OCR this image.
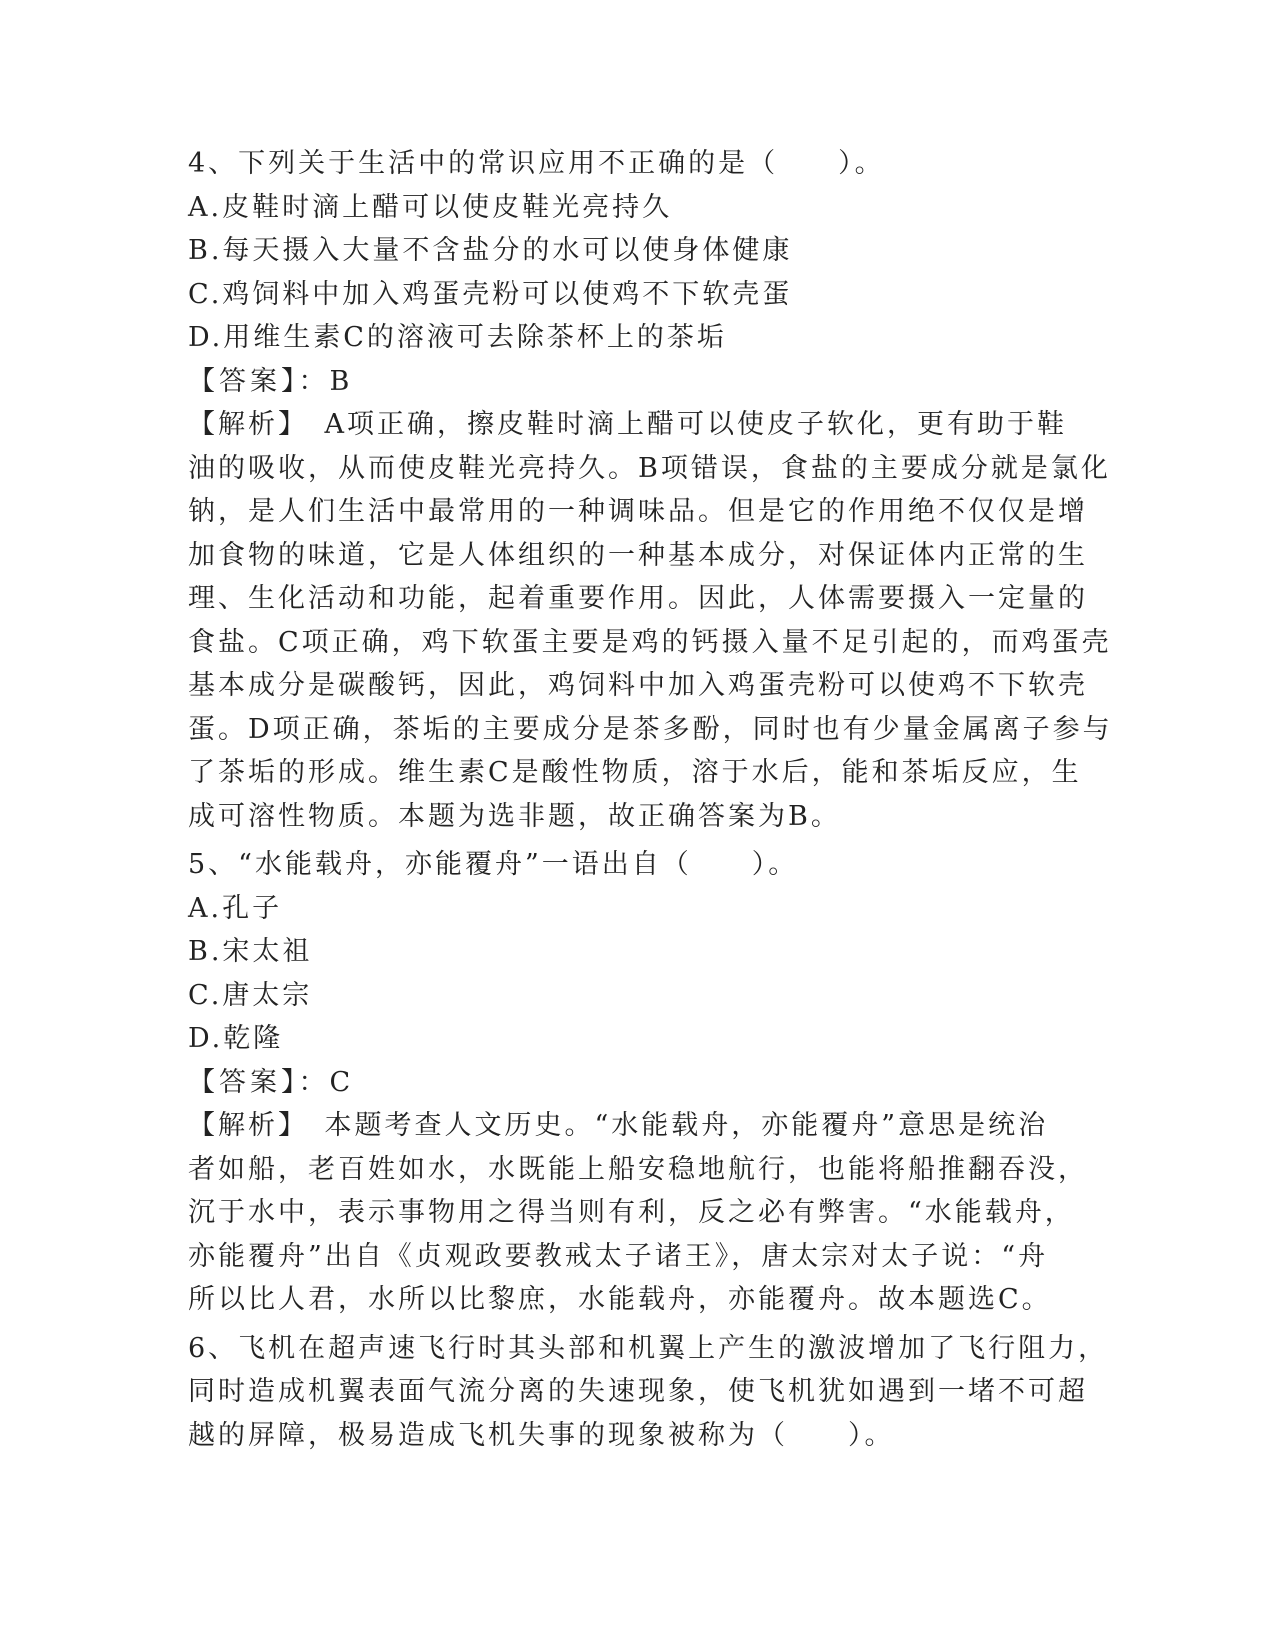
4、下列关于生活中的常识应用不正确的是（　　）。
A.皮鞋时滴上醋可以使皮鞋光亮持久
B.每天摄入大量不含盐分的水可以使身体健康
C.鸡饲料中加入鸡蛋壳粉可以使鸡不下软壳蛋
D.用维生素C的溶液可去除茶杯上的茶垢
【答案】：B
【解析】　A项正确，擦皮鞋时滴上醋可以使皮子软化，更有助于鞋
油的吸收，从而使皮鞋光亮持久。B项错误，食盐的主要成分就是氯化
钠，是人们生活中最常用的一种调味品。但是它的作用绝不仅仅是增
加食物的味道，它是人体组织的一种基本成分，对保证体内正常的生
理、生化活动和功能，起着重要作用。因此，人体需要摄入一定量的
食盐。C项正确，鸡下软蛋主要是鸡的钙摄入量不足引起的，而鸡蛋壳
基本成分是碳酸钙，因此，鸡饲料中加入鸡蛋壳粉可以使鸡不下软壳
蛋。D项正确，茶垢的主要成分是茶多酚，同时也有少量金属离子参与
了茶垢的形成。维生素C是酸性物质，溶于水后，能和茶垢反应，生
成可溶性物质。本题为选非题，故正确答案为B。
5、“水能载舟，亦能覆舟”一语出自（　　）。
A.孔子
B.宋太祖
C.唐太宗
D.乾隆
【答案】：C
【解析】　本题考查人文历史。“水能载舟，亦能覆舟”意思是统治
者如船，老百姓如水，水既能上船安稳地航行，也能将船推翻吞没，
沉于水中，表示事物用之得当则有利，反之必有弊害。“水能载舟，
亦能覆舟”出自《贞观政要教戒太子诸王》，唐太宗对太子说：“舟
所以比人君，水所以比黎庶，水能载舟，亦能覆舟。故本题选C。
6、飞机在超声速飞行时其头部和机翼上产生的激波增加了飞行阻力，
同时造成机翼表面气流分离的失速现象，使飞机犹如遇到一堵不可超
越的屏障，极易造成飞机失事的现象被称为（　　）。
